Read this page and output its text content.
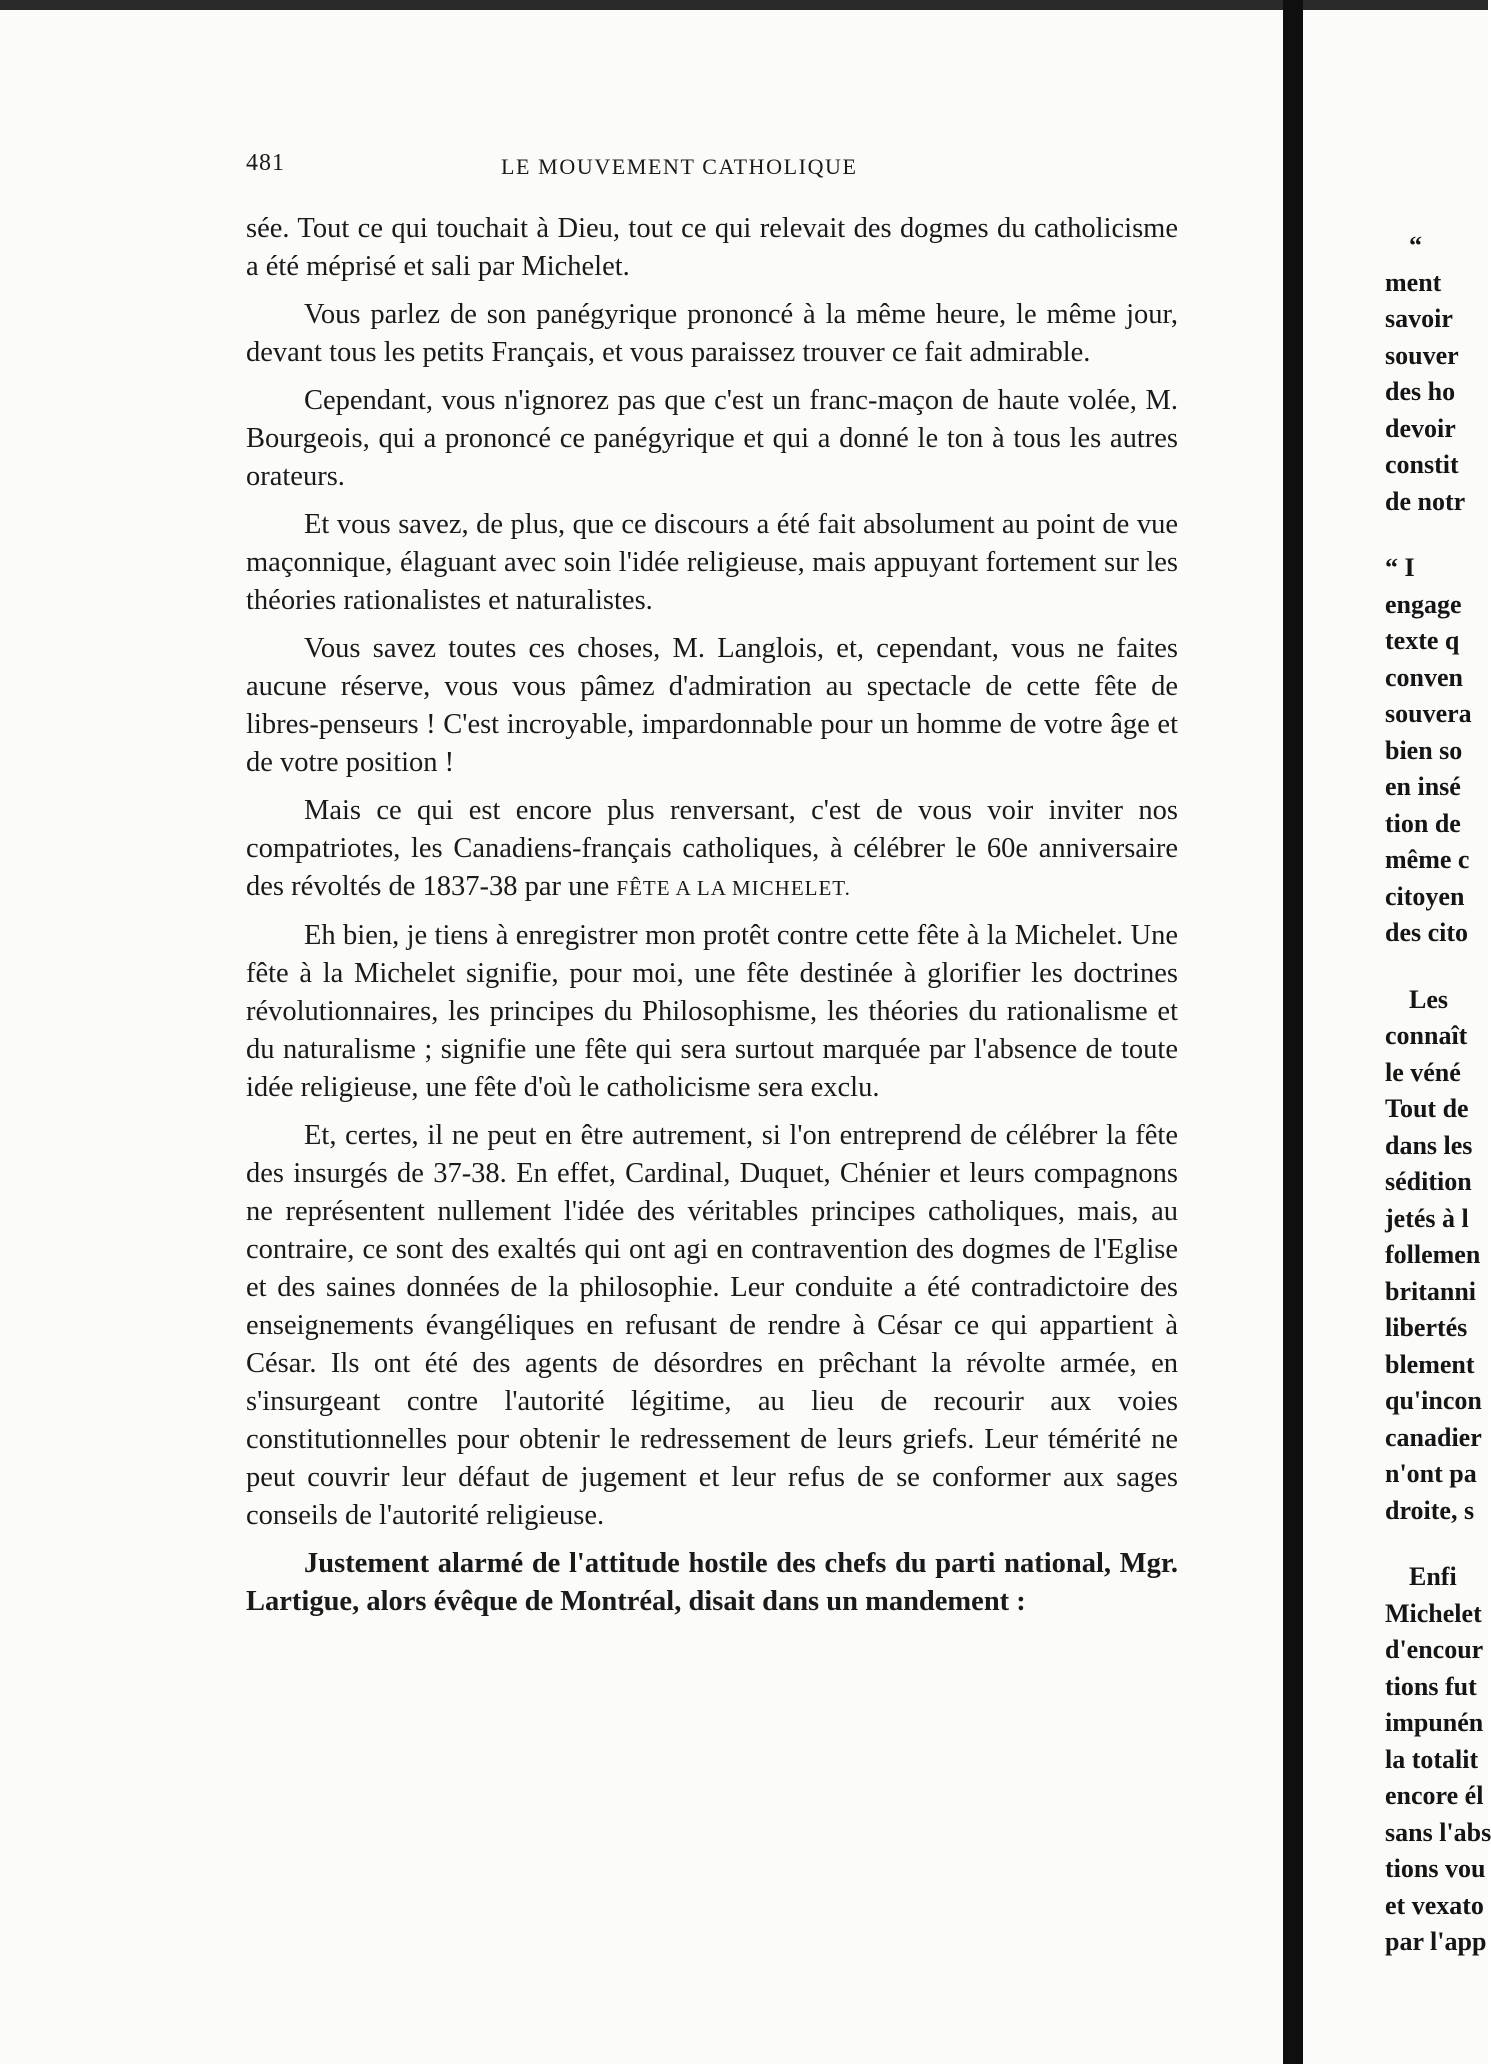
481	LE MOUVEMENT CATHOLIQUE

sée. Tout ce qui touchait à Dieu, tout ce qui relevait des dogmes du catholicisme a été méprisé et sali par Michelet.

Vous parlez de son panégyrique prononcé à la même heure, le même jour, devant tous les petits Français, et vous paraissez trouver ce fait admirable.

Cependant, vous n'ignorez pas que c'est un franc-maçon de haute volée, M. Bourgeois, qui a prononcé ce panégyrique et qui a donné le ton à tous les autres orateurs.

Et vous savez, de plus, que ce discours a été fait absolument au point de vue maçonnique, élaguant avec soin l'idée religieuse, mais appuyant fortement sur les théories rationalistes et naturalistes.

Vous savez toutes ces choses, M. Langlois, et, cependant, vous ne faites aucune réserve, vous vous pâmez d'admiration au spectacle de cette fête de libres-penseurs ! C'est incroyable, impardonnable pour un homme de votre âge et de votre position !

Mais ce qui est encore plus renversant, c'est de vous voir inviter nos compatriotes, les Canadiens-français catholiques, à célébrer le 60e anniversaire des révoltés de 1837-38 par une FÊTE A LA MICHELET.

Eh bien, je tiens à enregistrer mon protêt contre cette fête à la Michelet. Une fête à la Michelet signifie, pour moi, une fête destinée à glorifier les doctrines révolutionnaires, les principes du Philosophisme, les théories du rationalisme et du naturalisme ; signifie une fête qui sera surtout marquée par l'absence de toute idée religieuse, une fête d'où le catholicisme sera exclu.

Et, certes, il ne peut en être autrement, si l'on entreprend de célébrer la fête des insurgés de 37-38. En effet, Cardinal, Duquet, Chénier et leurs compagnons ne représentent nullement l'idée des véritables principes catholiques, mais, au contraire, ce sont des exaltés qui ont agi en contravention des dogmes de l'Eglise et des saines données de la philosophie. Leur conduite a été contradictoire des enseignements évangéliques en refusant de rendre à César ce qui appartient à César. Ils ont été des agents de désordres en prêchant la révolte armée, en s'insurgeant contre l'autorité légitime, au lieu de recourir aux voies constitutionnelles pour obtenir le redressement de leurs griefs. Leur témérité ne peut couvrir leur défaut de jugement et leur refus de se conformer aux sages conseils de l'autorité religieuse.

Justement alarmé de l'attitude hostile des chefs du parti national, Mgr. Lartigue, alors évêque de Montréal, disait dans un mandement :

“
ment
savoir
souver
des ho
devoir
constit
de notr
“ I
engage
texte q
conven
souvera
bien so
en insé
tion de
même c
citoyen
des cito
Les
connaît
le véné
Tout de
dans les
sédition
jetés à l
follemen
britanni
libertés
blement
qu'incon
canadier
n'ont pa
droite, s
Enfi
Michelet
d'encour
tions fut
impunén
la totalit
encore él
sans l'abs
tions vou
et vexato
par l'app
